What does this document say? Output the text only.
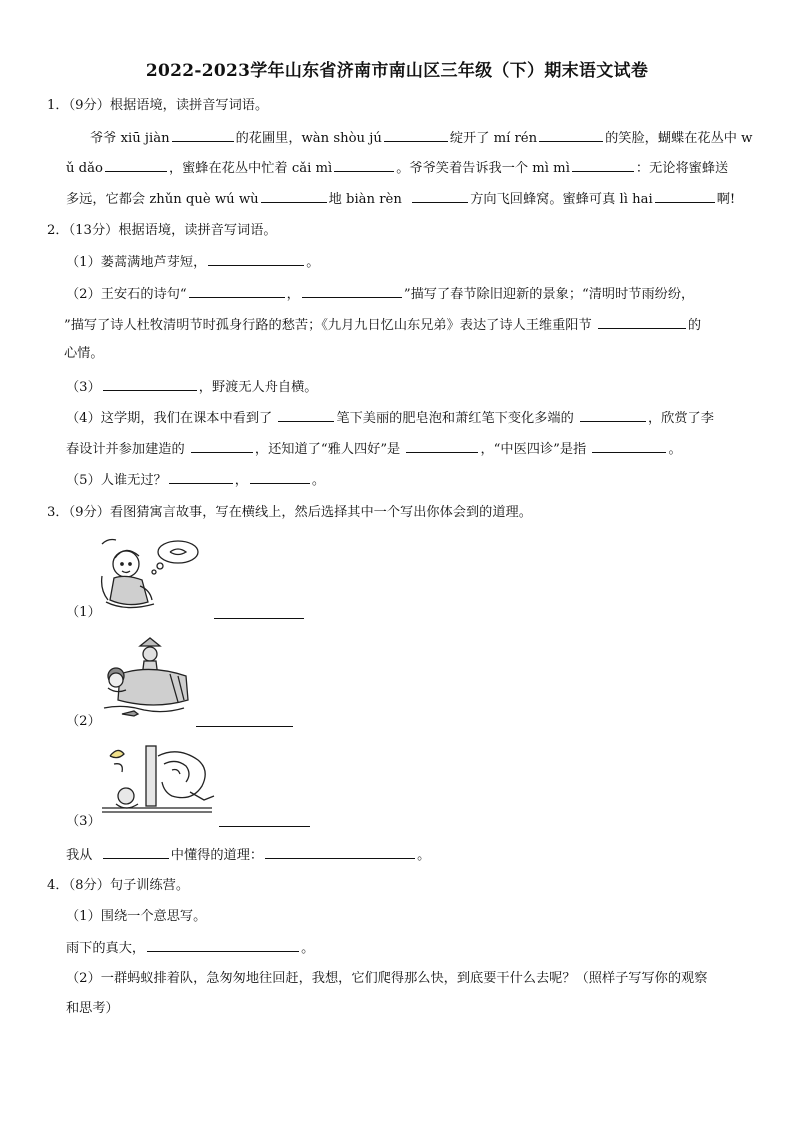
2022-2023学年山东省济南市南山区三年级（下）期末语文试卷
1．（9分）根据语境，读拼音写词语。
爷爷 xiū jiàn	的花圃里，wàn shòu jú	绽开了 mí rén	的笑脸，蝴蝶在花丛中 w
ǔ dǎo	，蜜蜂在花丛中忙着 cǎi mì	。爷爷笑着告诉我一个 mì mì	：无论将蜜蜂送
多远，它都会 zhǔn què wú wù	地 biàn rèn	方向飞回蜂窝。蜜蜂可真 lì hai	啊!
2．（13分）根据语境，读拼音写词语。
（1）蒌蒿满地芦芽短，	。
（2）王安石的诗句“	，	”描写了春节除旧迎新的景象；“清明时节雨纷纷，
”描写了诗人杜牧清明节时孤身行路的愁苦；《九月九日忆山东兄弟》表达了诗人王维重阳节	的
心情。
（3）	，野渡无人舟自横。
（4）这学期，我们在课本中看到了	笔下美丽的肥皂泡和萧红笔下变化多端的	，欣赏了李
春设计并参加建造的	，还知道了“雅人四好”是	，“中医四诊”是指	。
（5）人谁无过？	，	。
3．（9分）看图猜寓言故事，写在横线上，然后选择其中一个写出你体会到的道理。
（1）
（2）
（3）
我从	中懂得的道理：	。
4．（8分）句子训练营。
（1）围绕一个意思写。
雨下的真大，	。
（2）一群蚂蚁排着队，急匆匆地往回赶，我想，它们爬得那么快，到底要干什么去呢？（照样子写写你的观察
和思考）
